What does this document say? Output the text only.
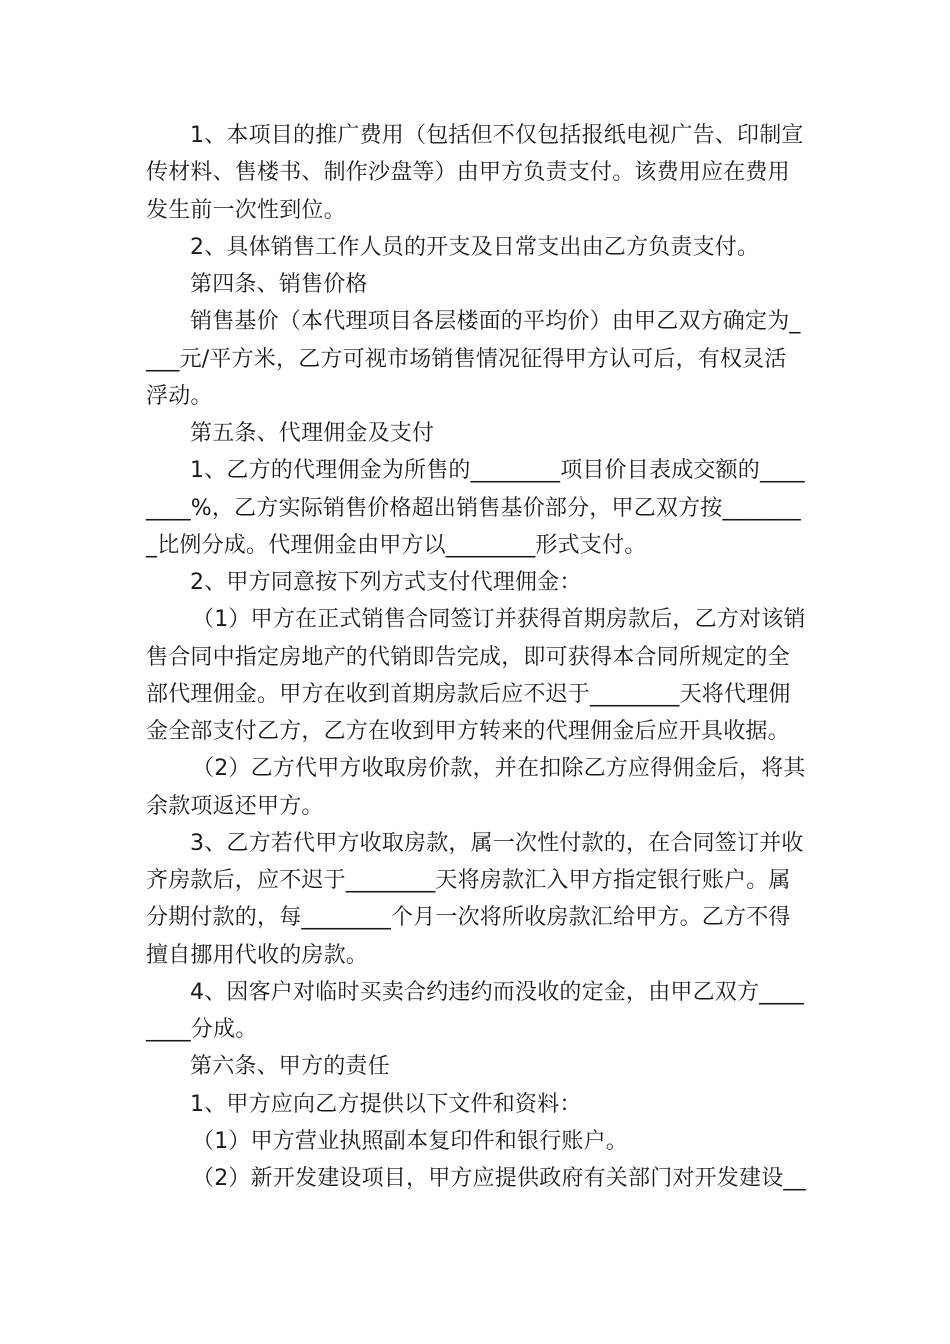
1、本项目的推广费用（包括但不仅包括报纸电视广告、印制宣
传材料、售楼书、制作沙盘等）由甲方负责支付。该费用应在费用
发生前一次性到位。
2、具体销售工作人员的开支及日常支出由乙方负责支付。
第四条、销售价格
销售基价（本代理项目各层楼面的平均价）由甲乙双方确定为_
___元/平方米，乙方可视市场销售情况征得甲方认可后，有权灵活
浮动。
第五条、代理佣金及支付
1、乙方的代理佣金为所售的________项目价目表成交额的____
____%，乙方实际销售价格超出销售基价部分，甲乙双方按_______
_比例分成。代理佣金由甲方以________形式支付。
2、甲方同意按下列方式支付代理佣金：
（1）甲方在正式销售合同签订并获得首期房款后，乙方对该销
售合同中指定房地产的代销即告完成，即可获得本合同所规定的全
部代理佣金。甲方在收到首期房款后应不迟于________天将代理佣
金全部支付乙方，乙方在收到甲方转来的代理佣金后应开具收据。
（2）乙方代甲方收取房价款，并在扣除乙方应得佣金后，将其
余款项返还甲方。
3、乙方若代甲方收取房款，属一次性付款的，在合同签订并收
齐房款后，应不迟于________天将房款汇入甲方指定银行账户。属
分期付款的，每________个月一次将所收房款汇给甲方。乙方不得
擅自挪用代收的房款。
4、因客户对临时买卖合约违约而没收的定金，由甲乙双方____
____分成。
第六条、甲方的责任
1、甲方应向乙方提供以下文件和资料：
（1）甲方营业执照副本复印件和银行账户。
（2）新开发建设项目，甲方应提供政府有关部门对开发建设__
